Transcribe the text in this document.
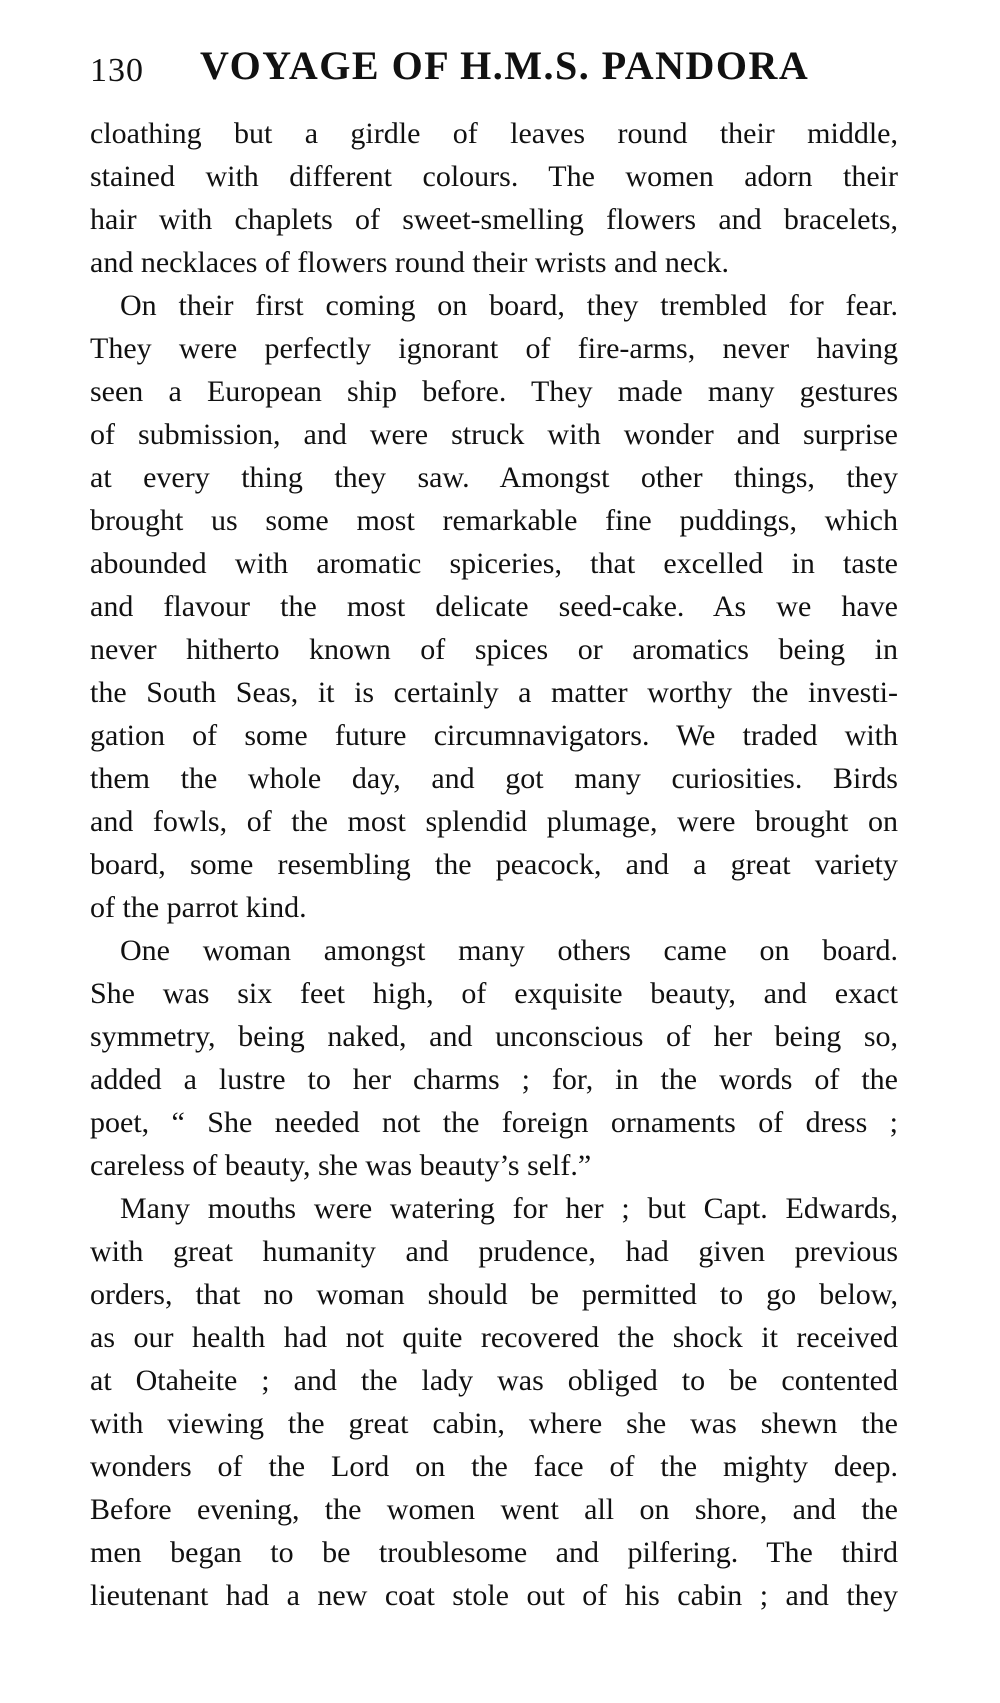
130 VOYAGE OF H.M.S. PANDORA
cloathing but a girdle of leaves round their middle,
stained with different colours. The women adorn their
hair with chaplets of sweet-smelling flowers and bracelets,
and necklaces of flowers round their wrists and neck.
On their first coming on board, they trembled for fear.
They were perfectly ignorant of fire-arms, never having
seen a European ship before. They made many gestures
of submission, and were struck with wonder and surprise
at every thing they saw. Amongst other things, they
brought us some most remarkable fine puddings, which
abounded with aromatic spiceries, that excelled in taste
and flavour the most delicate seed-cake. As we have
never hitherto known of spices or aromatics being in
the South Seas, it is certainly a matter worthy the investi-
gation of some future circumnavigators. We traded with
them the whole day, and got many curiosities. Birds
and fowls, of the most splendid plumage, were brought on
board, some resembling the peacock, and a great variety
of the parrot kind.
One woman amongst many others came on board.
She was six feet high, of exquisite beauty, and exact
symmetry, being naked, and unconscious of her being so,
added a lustre to her charms ; for, in the words of the
poet, “ She needed not the foreign ornaments of dress ;
careless of beauty, she was beauty’s self.”
Many mouths were watering for her ; but Capt. Edwards,
with great humanity and prudence, had given previous
orders, that no woman should be permitted to go below,
as our health had not quite recovered the shock it received
at Otaheite ; and the lady was obliged to be contented
with viewing the great cabin, where she was shewn the
wonders of the Lord on the face of the mighty deep.
Before evening, the women went all on shore, and the
men began to be troublesome and pilfering. The third
lieutenant had a new coat stole out of his cabin ; and they
